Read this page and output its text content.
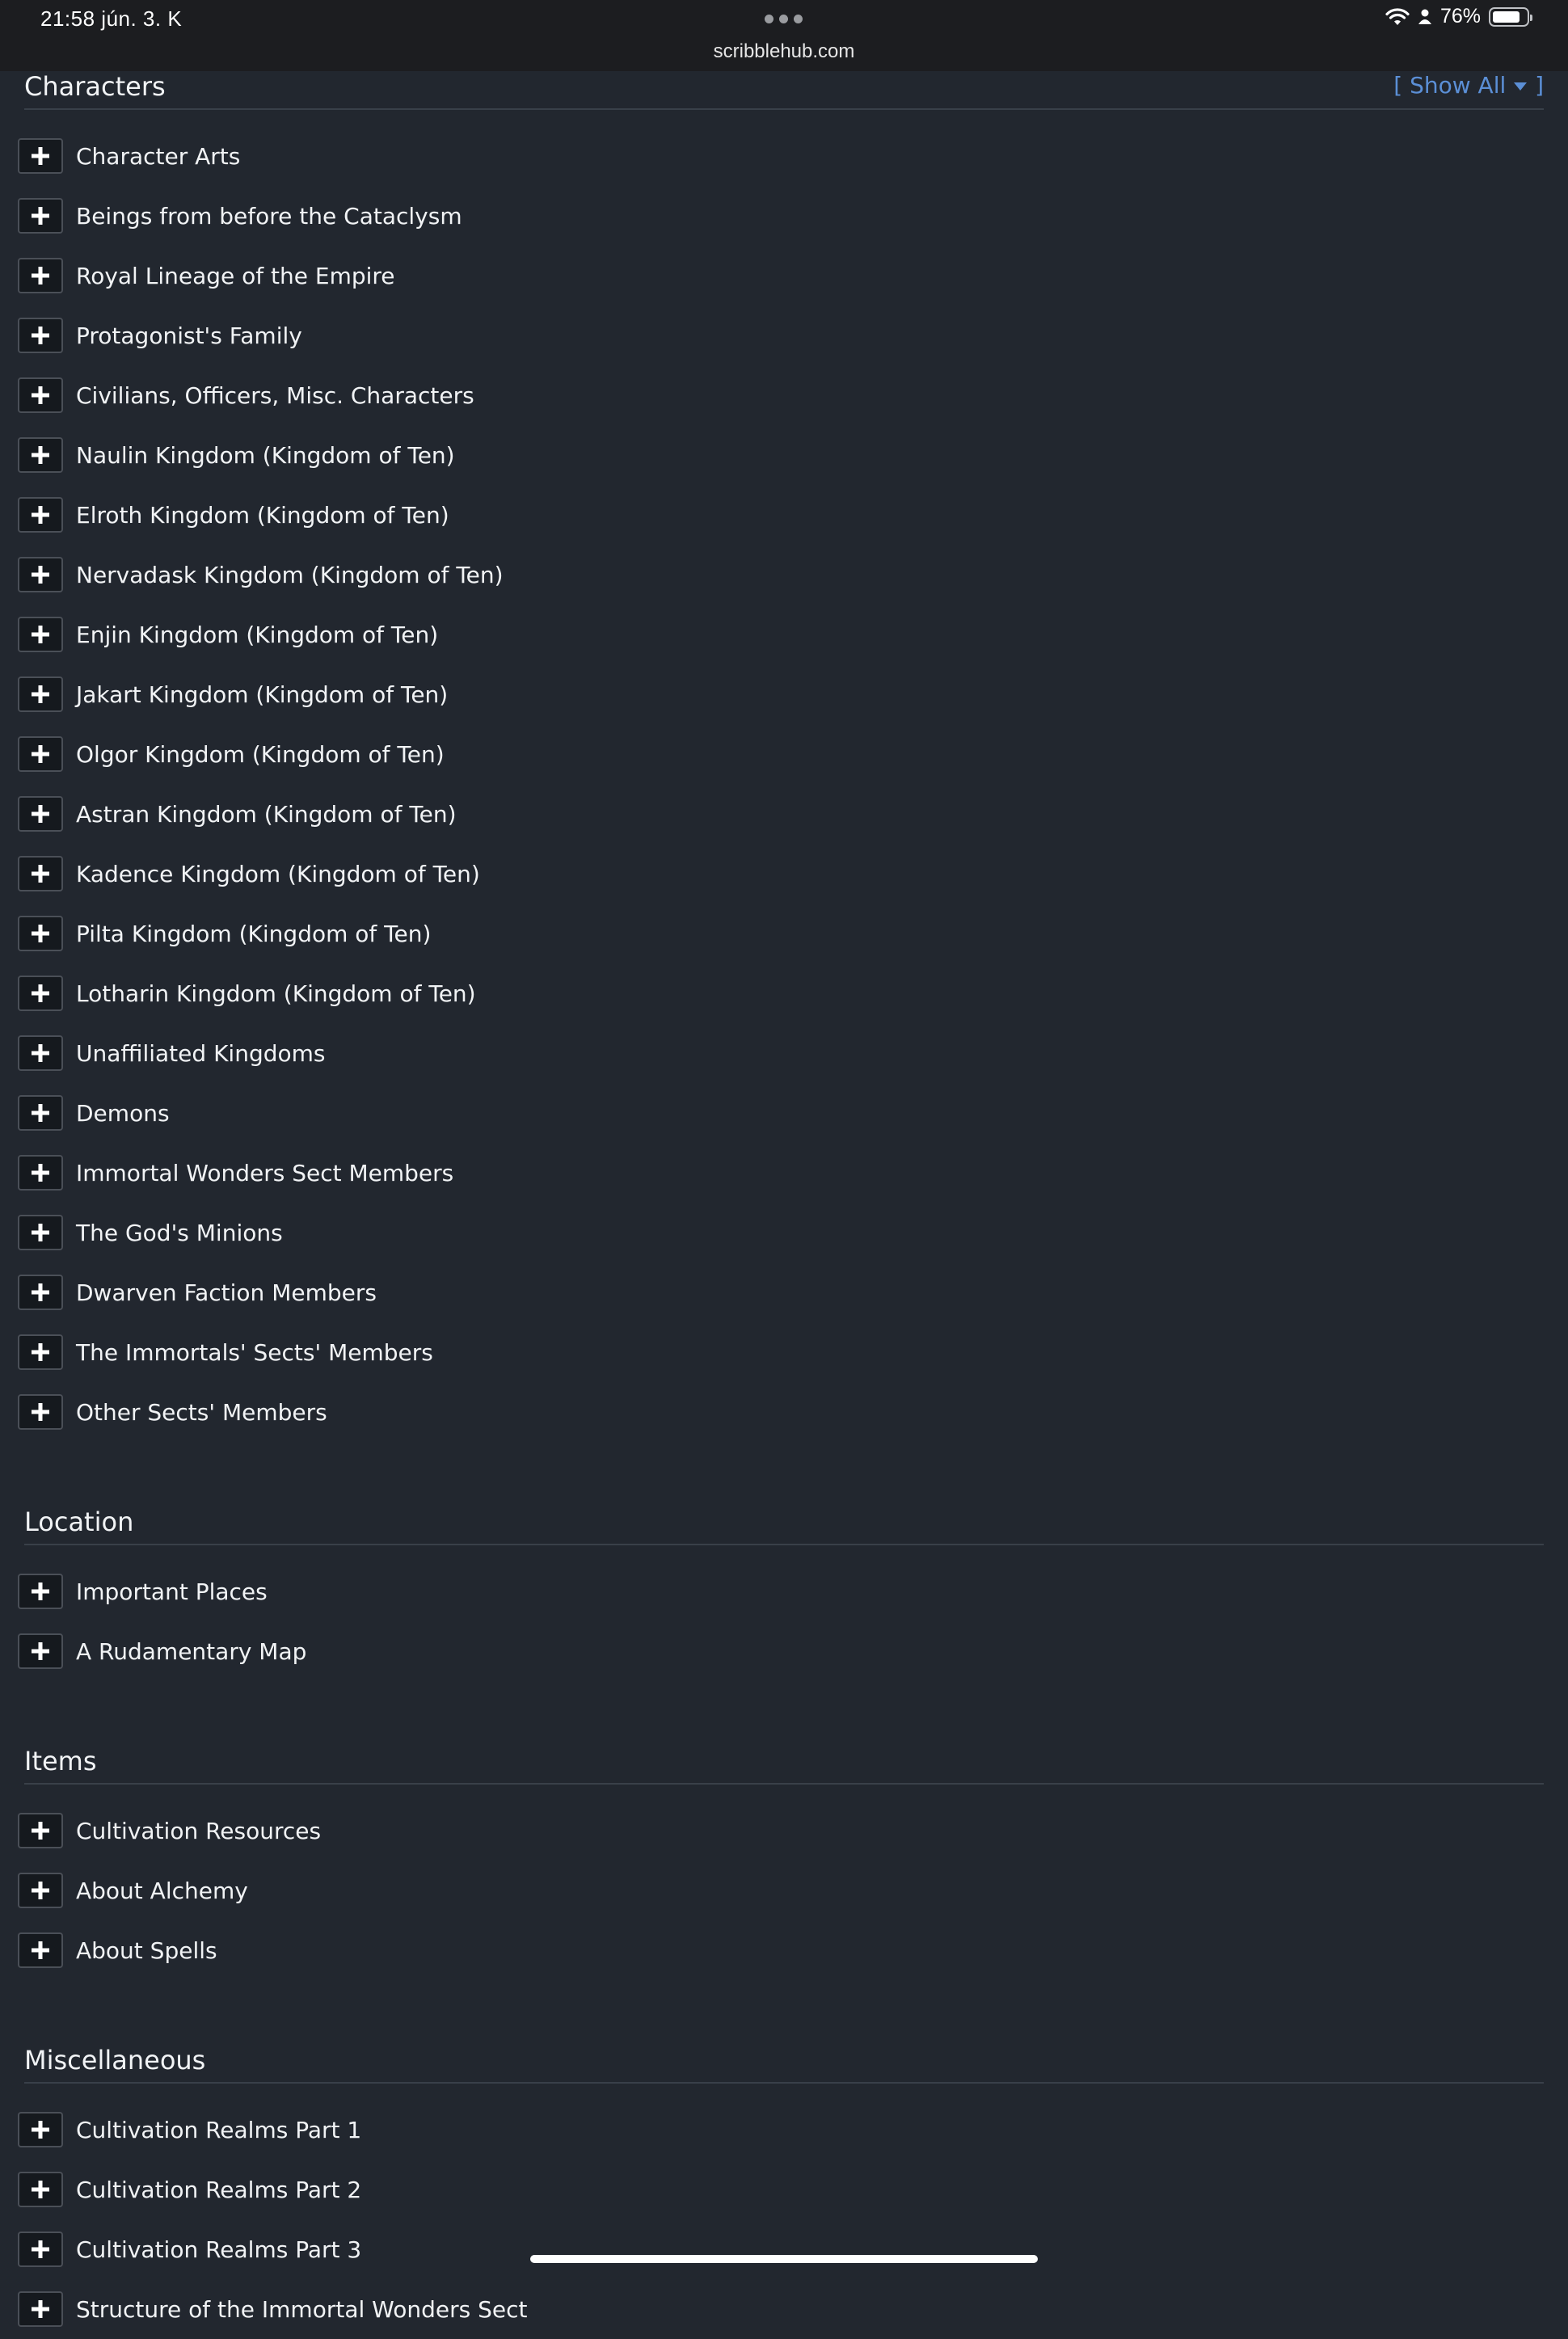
21:58 jún. 3. K	76%
scribblehub.com
Characters	[ Show All  ]
Character Arts
Beings from before the Cataclysm
Royal Lineage of the Empire
Protagonist's Family
Civilians, Officers, Misc. Characters
Naulin Kingdom (Kingdom of Ten)
Elroth Kingdom (Kingdom of Ten)
Nervadask Kingdom (Kingdom of Ten)
Enjin Kingdom (Kingdom of Ten)
Jakart Kingdom (Kingdom of Ten)
Olgor Kingdom (Kingdom of Ten)
Astran Kingdom (Kingdom of Ten)
Kadence Kingdom (Kingdom of Ten)
Pilta Kingdom (Kingdom of Ten)
Lotharin Kingdom (Kingdom of Ten)
Unaffiliated Kingdoms
Demons
Immortal Wonders Sect Members
The God's Minions
Dwarven Faction Members
The Immortals' Sects' Members
Other Sects' Members
Location
Important Places
A Rudamentary Map
Items
Cultivation Resources
About Alchemy
About Spells
Miscellaneous
Cultivation Realms Part 1
Cultivation Realms Part 2
Cultivation Realms Part 3
Structure of the Immortal Wonders Sect
